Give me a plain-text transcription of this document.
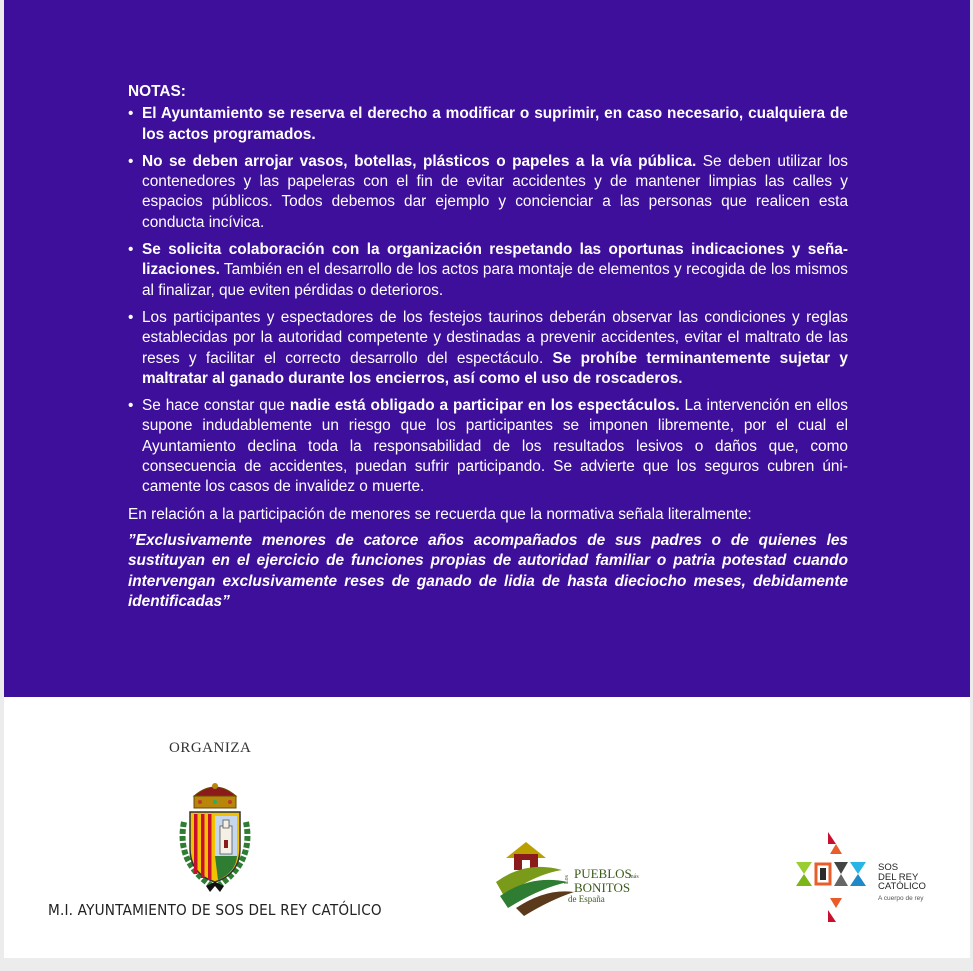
NOTAS:
• El Ayuntamiento se reserva el derecho a modificar o suprimir, en caso necesario, cualquiera de los actos programados.
• No se deben arrojar vasos, botellas, plásticos o papeles a la vía pública. Se deben utilizar los contenedores y las papeleras con el fin de evitar accidentes y de mantener limpias las calles y espacios públicos. Todos debemos dar ejemplo y concienciar a las personas que realicen esta conducta incívica.
• Se solicita colaboración con la organización respetando las oportunas indicaciones y señalizaciones. También en el desarrollo de los actos para montaje de elementos y recogida de los mismos al finalizar, que eviten pérdidas o deterioros.
• Los participantes y espectadores de los festejos taurinos deberán observar las condiciones y reglas establecidas por la autoridad competente y destinadas a prevenir accidentes, evitar el maltrato de las reses y facilitar el correcto desarrollo del espectáculo. Se prohíbe terminantemente sujetar y maltratar al ganado durante los encierros, así como el uso de roscaderos.
• Se hace constar que nadie está obligado a participar en los espectáculos. La intervención en ellos supone indudablemente un riesgo que los participantes se imponen libremente, por el cual el Ayuntamiento declina toda la responsabilidad de los resultados lesivos o daños que, como consecuencia de accidentes, puedan sufrir participando. Se advierte que los seguros cubren únicamente los casos de invalidez o muerte.
En relación a la participación de menores se recuerda que la normativa señala literalmente:
”Exclusivamente menores de catorce años acompañados de sus padres o de quienes les sustituyan en el ejercicio de funciones propias de autoridad familiar o patria potestad cuando intervengan exclusivamente reses de ganado de lidia de hasta dieciocho meses, debidamente identificadas”
ORGANIZA
M.I. AYUNTAMIENTO DE SOS DEL REY CATÓLICO
Los PUEBLOS
más
BONITOS
de España
SOS
DEL REY
CATÓLICO
A cuerpo de rey
